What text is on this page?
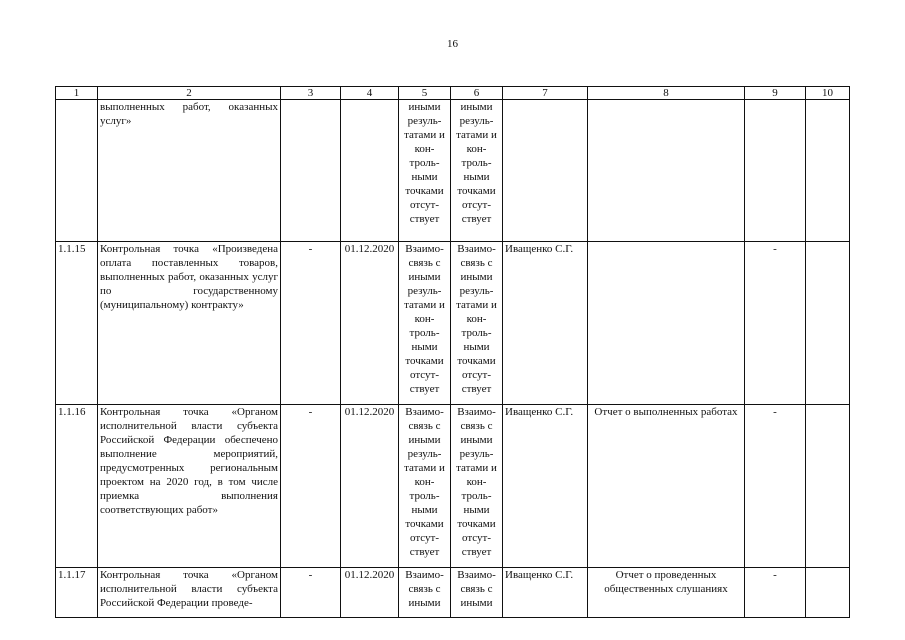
16
1	2	3	4	5	6	7	8	9	10
	выполненных работ, оказанных услуг»			иными резуль-татами и кон-троль-ными точками отсут-ствует	иными резуль-татами и кон-троль-ными точками отсут-ствует				
1.1.15	Контрольная точка «Произведена оплата поставленных товаров, выполненных работ, оказанных услуг по государственному (муниципальному) контракту»	-	01.12.2020	Взаимо-связь с иными резуль-татами и кон-троль-ными точками отсут-ствует	Взаимо-связь с иными резуль-татами и кон-троль-ными точками отсут-ствует	Иващенко С.Г.		-	
1.1.16	Контрольная точка «Органом исполнительной власти субъекта Российской Федерации обеспечено выполнение мероприятий, предусмотренных региональным проектом на 2020 год, в том числе приемка выполнения соответствующих работ»	-	01.12.2020	Взаимо-связь с иными резуль-татами и кон-троль-ными точками отсут-ствует	Взаимо-связь с иными резуль-татами и кон-троль-ными точками отсут-ствует	Иващенко С.Г.	Отчет о выполненных работах	-	
1.1.17	Контрольная точка «Органом исполнительной власти субъекта Российской Федерации проведе-	-	01.12.2020	Взаимо-связь с иными	Взаимо-связь с иными	Иващенко С.Г.	Отчет о проведенных общественных слушаниях	-	
